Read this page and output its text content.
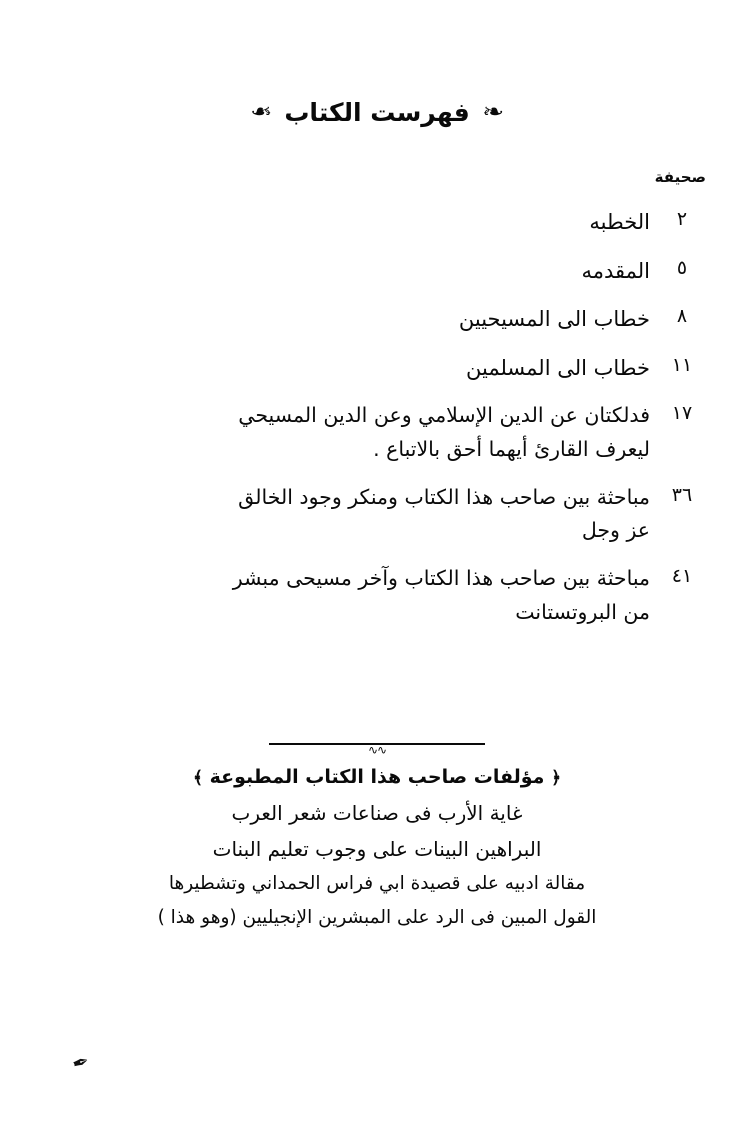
❧
فهرست الكتاب
❧
صحيفة
٢
الخطبه
٥
المقدمه
٨
خطاب الى المسيحيين
١١
خطاب الى المسلمين
١٧
فدلكتان عن الدين الإسلامي وعن الدين المسيحي
ليعرف القارئ أيهما أحق بالاتباع .
٣٦
مباحثة بين صاحب هذا الكتاب ومنكر وجود الخالق
عز وجل
٤١
مباحثة بين صاحب هذا الكتاب وآخر مسيحى مبشر
من البروتستانت
∿∿
﴿ مؤلفات صاحب هذا الكتاب المطبوعة ﴾
غاية الأرب فى صناعات شعر العرب
البراهين البينات على وجوب تعليم البنات
مقالة ادبيه على قصيدة ابي فراس الحمداني وتشطيرها
القول المبين فى الرد على المبشرين الإنجيليين (وهو هذا )
✒
